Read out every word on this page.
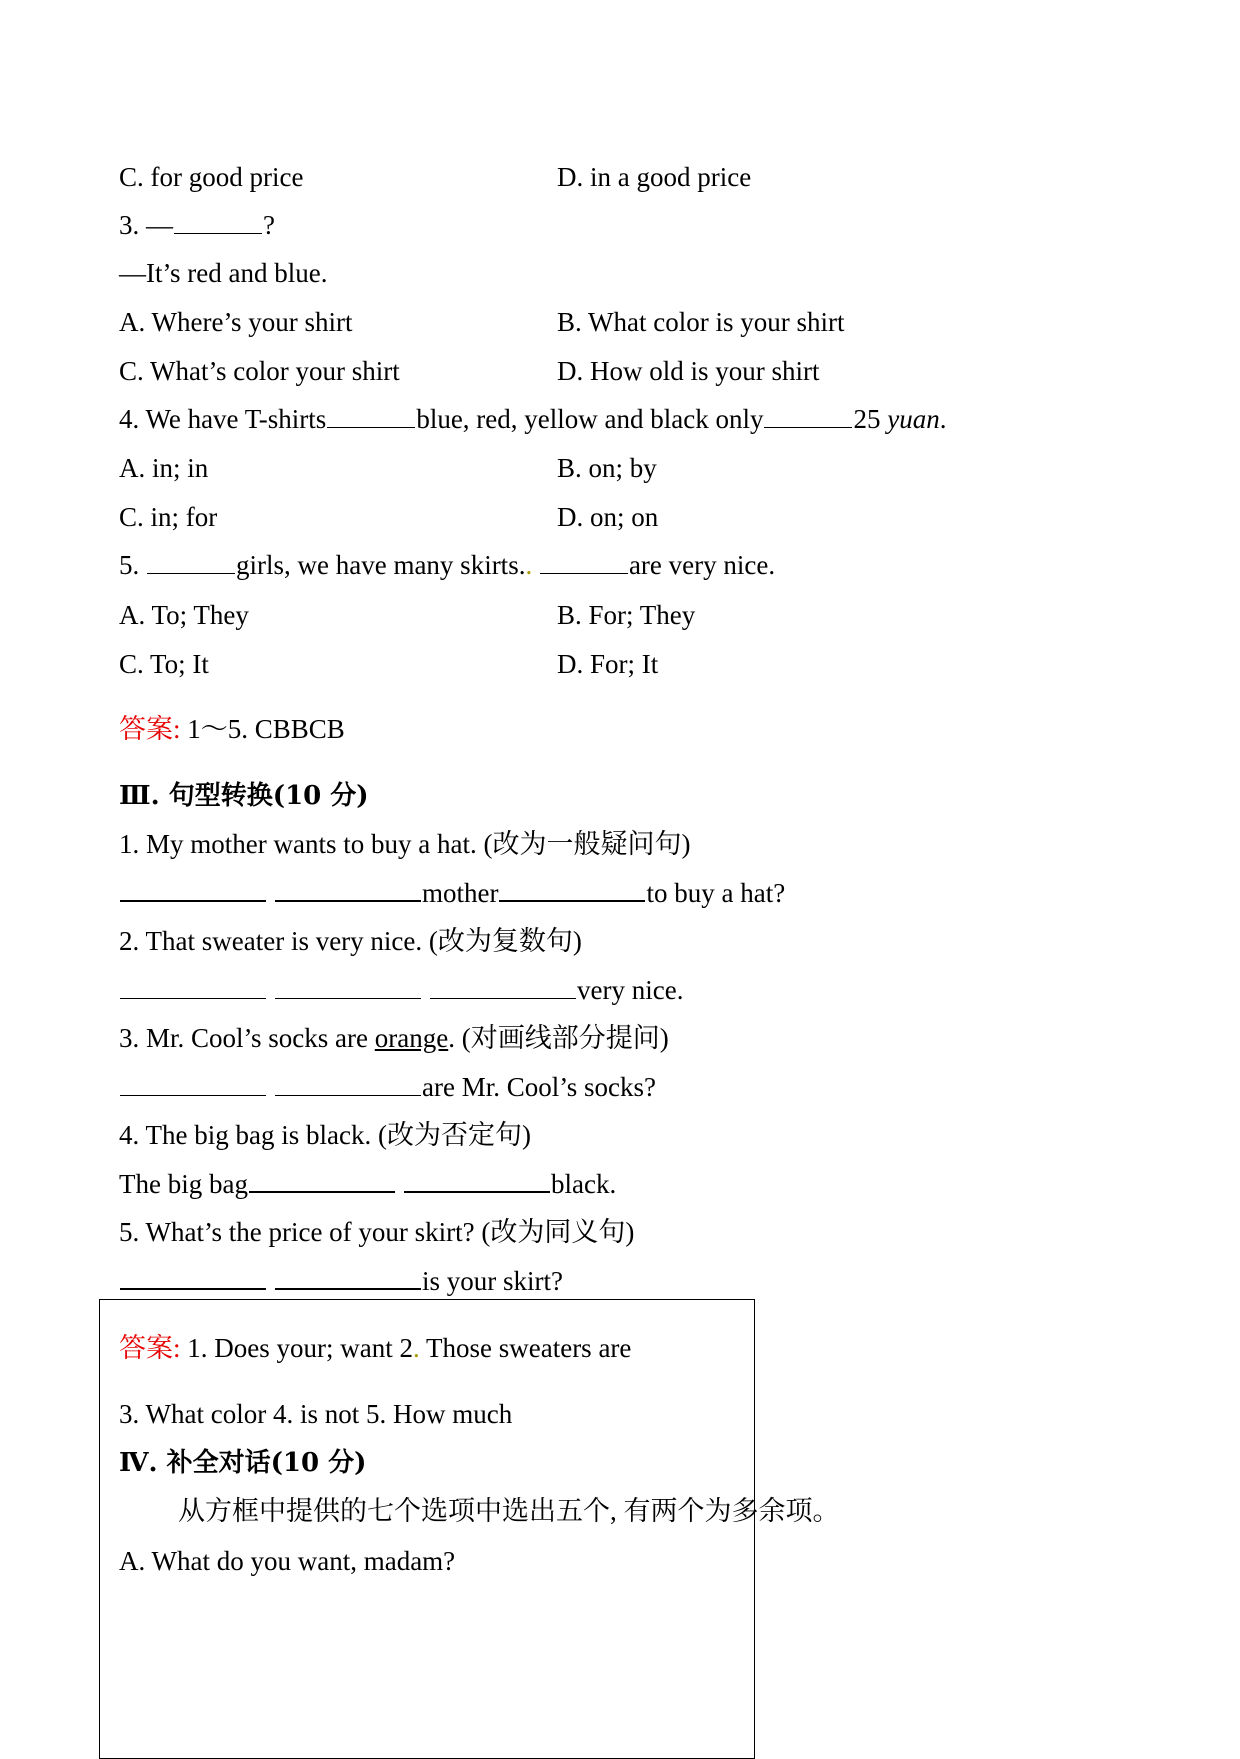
C. for good price	D. in a good price
3. —	?
—It’s red and blue.
A. Where’s your shirt	B. What color is your shirt
C. What’s color your shirt	D. How old is your shirt
4. We have T-shirts	blue, red, yellow and black only	25 yuan.
A. in; in	B. on; by
C. in; for	D. on; on
5.	girls, we have many skirts..	are very nice.
A. To; They	B. For; They
C. To; It	D. For; It
答案: 1～5. CBBCB
Ⅲ. 句型转换(10 分)
1. My mother wants to buy a hat. (改为一般疑问句)
mother	to buy a hat?
2. That sweater is very nice. (改为复数句)
very nice.
3. Mr. Cool’s socks are orange. (对画线部分提问)
are Mr. Cool’s socks?
4. The big bag is black. (改为否定句)
The big bag	black.
5. What’s the price of your skirt? (改为同义句)
is your skirt?
答案: 1. Does your; want 2. Those sweaters are
3. What color 4. is not 5. How much
Ⅳ. 补全对话(10 分)
从方框中提供的七个选项中选出五个, 有两个为多余项。
A. What do you want, madam?
